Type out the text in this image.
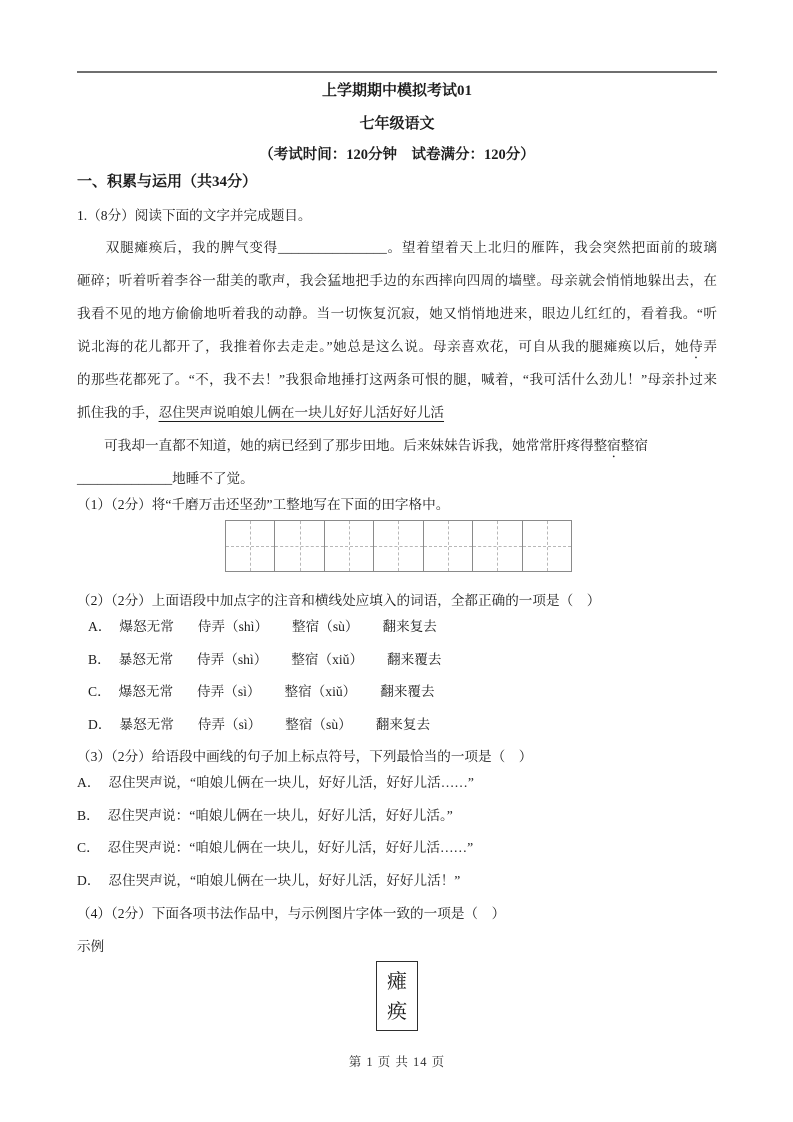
上学期期中模拟考试01
七年级语文
（考试时间：120分钟　试卷满分：120分）
一、积累与运用（共34分）
1.（8分）阅读下面的文字并完成题目。
　　双腿瘫痪后，我的脾气变得________________。望着望着天上北归的雁阵，我会突然把面前的玻璃
砸碎；听着听着李谷一甜美的歌声，我会猛地把手边的东西摔向四周的墙壁。母亲就会悄悄地躲出去，在
我看不见的地方偷偷地听着我的动静。当一切恢复沉寂，她又悄悄地进来，眼边儿红红的，看着我。“听
说北海的花儿都开了，我推着你去走走。”她总是这么说。母亲喜欢花，可自从我的腿瘫痪以后，她侍弄
的那些花都死了。“不，我不去！”我狠命地捶打这两条可恨的腿，喊着，“我可活什么劲儿！”母亲扑过来
抓住我的手，忍住哭声说咱娘儿俩在一块儿好好儿活好好儿活
　　可我却一直都不知道，她的病已经到了那步田地。后来妹妹告诉我，她常常肝疼得整宿整宿
______________地睡不了觉。
（1）（2分）将“千磨万击还坚劲”工整地写在下面的田字格中。
（2）（2分）上面语段中加点字的注音和横线处应填入的词语，全都正确的一项是（　）
A． 爆怒无常 侍弄（shì） 整宿（sù） 翻来复去
B． 暴怒无常 侍弄（shì） 整宿（xiǔ） 翻来覆去
C． 爆怒无常 侍弄（sì） 整宿（xiǔ） 翻来覆去
D． 暴怒无常 侍弄（sì） 整宿（sù） 翻来复去
（3）（2分）给语段中画线的句子加上标点符号，下列最恰当的一项是（　）
A． 忍住哭声说，“咱娘儿俩在一块儿，好好儿活，好好儿活……”
B． 忍住哭声说：“咱娘儿俩在一块儿，好好儿活，好好儿活。”
C． 忍住哭声说：“咱娘儿俩在一块儿，好好儿活，好好儿活……”
D． 忍住哭声说，“咱娘儿俩在一块儿，好好儿活，好好儿活！”
（4）（2分）下面各项书法作品中，与示例图片字体一致的一项是（　）
示例
瘫
痪
第 1 页 共 14 页
